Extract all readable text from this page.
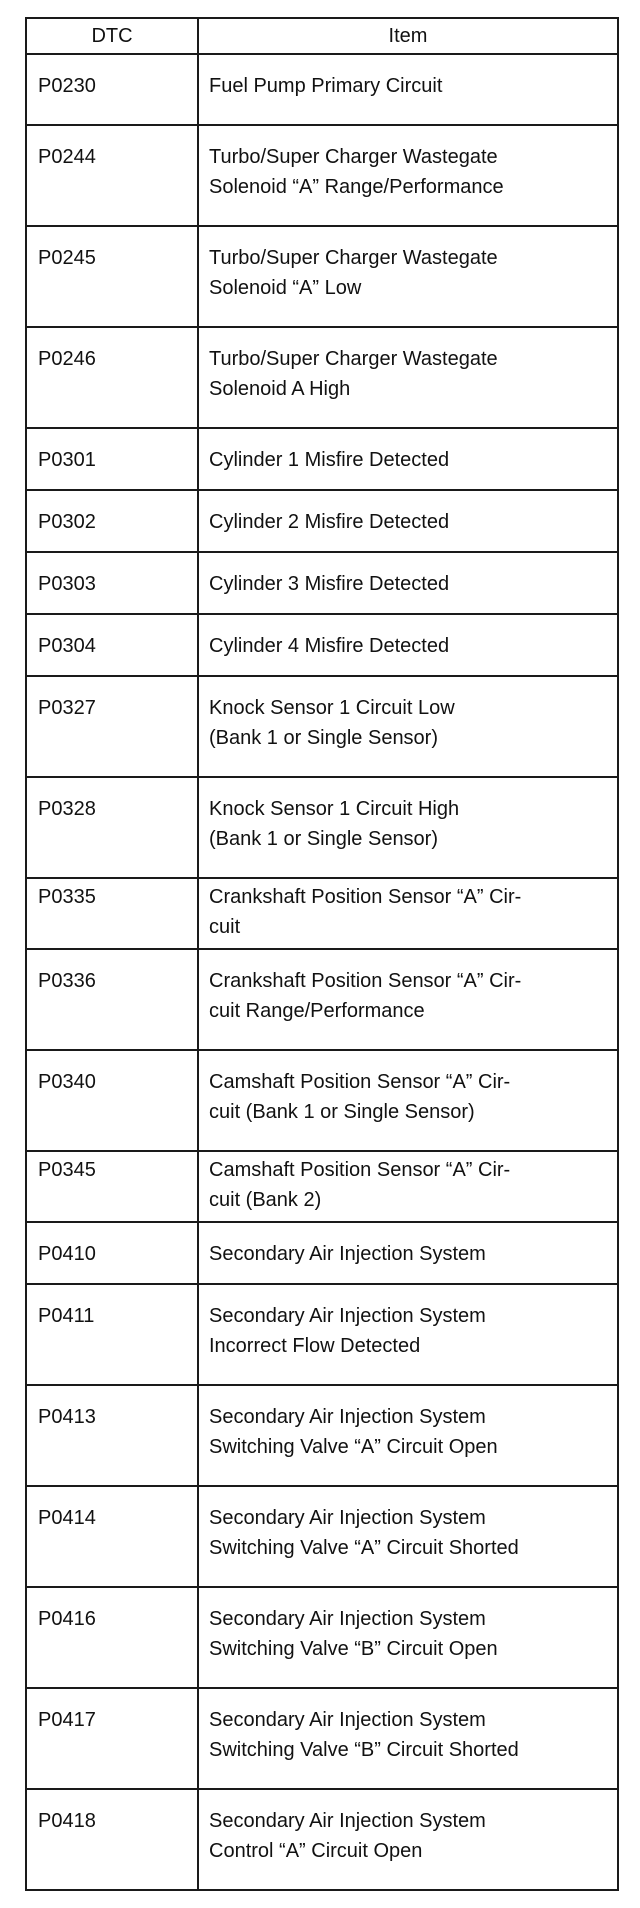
DTC	Item
P0230	Fuel Pump Primary Circuit

P0244	Turbo/Super Charger Wastegate
Solenoid “A” Range/Performance

P0245	Turbo/Super Charger Wastegate
Solenoid “A” Low

P0246	Turbo/Super Charger Wastegate
Solenoid A High

P0301	Cylinder 1 Misfire Detected

P0302	Cylinder 2 Misfire Detected

P0303	Cylinder 3 Misfire Detected

P0304	Cylinder 4 Misfire Detected

P0327	Knock Sensor 1 Circuit Low
(Bank 1 or Single Sensor)

P0328	Knock Sensor 1 Circuit High
(Bank 1 or Single Sensor)

P0335	Crankshaft Position Sensor “A” Cir-
cuit

P0336	Crankshaft Position Sensor “A” Cir-
cuit Range/Performance

P0340	Camshaft Position Sensor “A” Cir-
cuit (Bank 1 or Single Sensor)

P0345	Camshaft Position Sensor “A” Cir-
cuit (Bank 2)

P0410	Secondary Air Injection System

P0411	Secondary Air Injection System
Incorrect Flow Detected

P0413	Secondary Air Injection System
Switching Valve “A” Circuit Open

P0414	Secondary Air Injection System
Switching Valve “A” Circuit Shorted

P0416	Secondary Air Injection System
Switching Valve “B” Circuit Open

P0417	Secondary Air Injection System
Switching Valve “B” Circuit Shorted

P0418	Secondary Air Injection System
Control “A” Circuit Open
